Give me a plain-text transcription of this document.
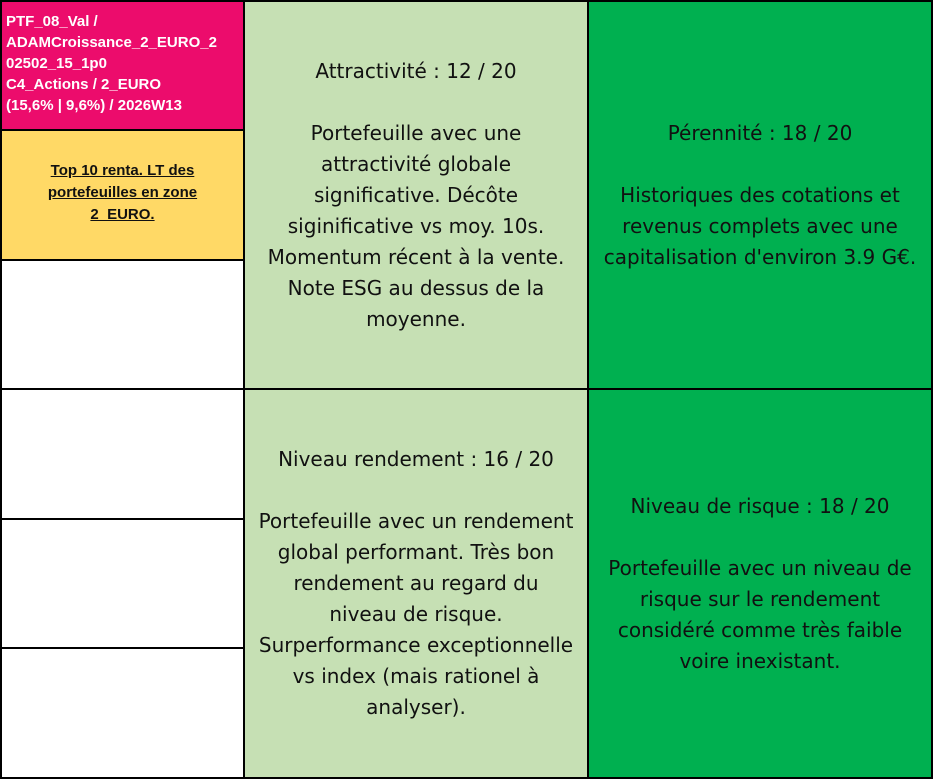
PTF_08_Val /
ADAMCroissance_2_EURO_2
02502_15_1p0
C4_Actions / 2_EURO
(15,6% | 9,6%) / 2026W13
Top 10 renta. LT des portefeuilles en zone 2_EURO.
Attractivité : 12 / 20
Portefeuille avec une
attractivité globale
significative. Décôte
siginificative vs moy. 10s.
Momentum récent à la vente.
Note ESG au dessus de la
moyenne.
Pérennité : 18 / 20
Historiques des cotations et
revenus complets avec une
capitalisation d'environ 3.9 G€.
Niveau rendement : 16 / 20
Portefeuille avec un rendement
global performant. Très bon
rendement au regard du
niveau de risque.
Surperformance exceptionnelle
vs index (mais rationel à
analyser).
Niveau de risque : 18 / 20
Portefeuille avec un niveau de
risque sur le rendement
considéré comme très faible
voire inexistant.
